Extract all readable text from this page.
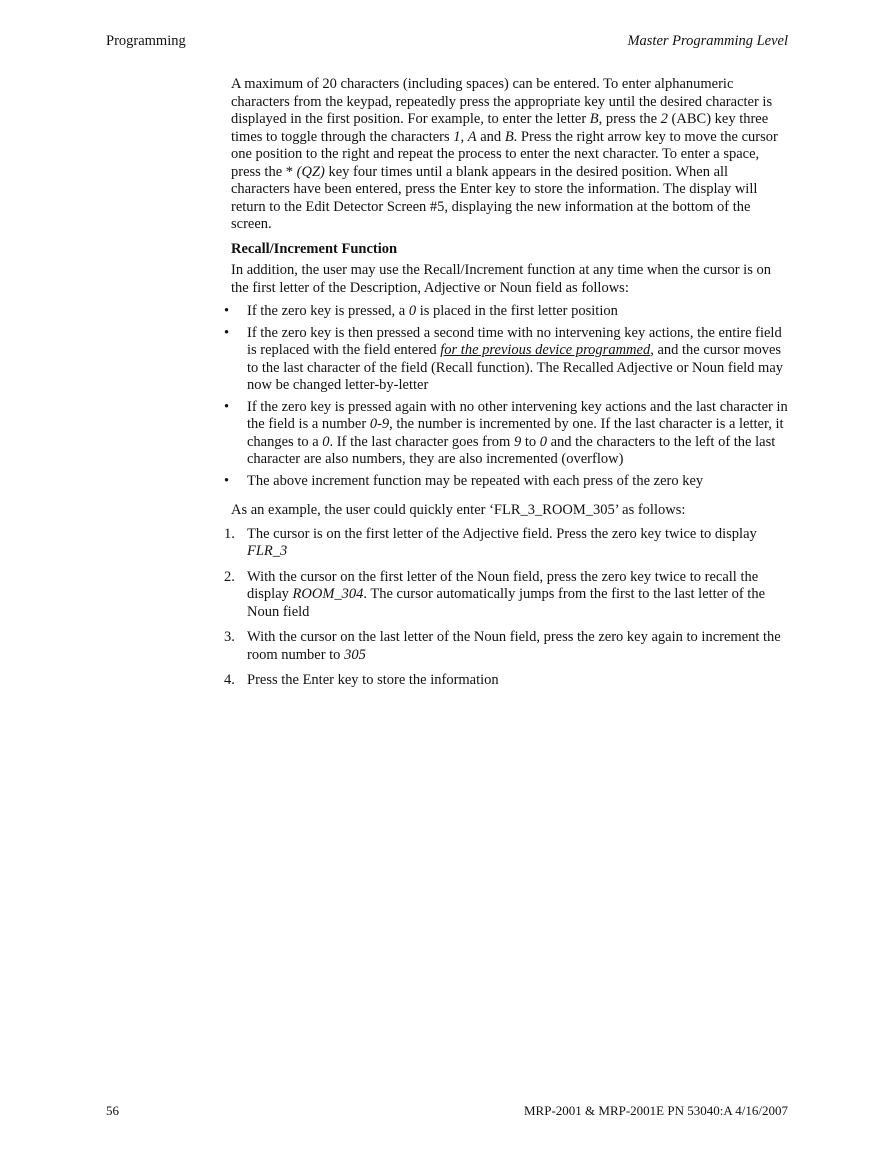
Programming	Master Programming Level

A maximum of 20 characters (including spaces) can be entered. To enter alphanumeric characters from the keypad, repeatedly press the appropriate key until the desired character is displayed in the first position. For example, to enter the letter B, press the 2 (ABC) key three times to toggle through the characters 1, A and B. Press the right arrow key to move the cursor one position to the right and repeat the process to enter the next character. To enter a space, press the * (QZ) key four times until a blank appears in the desired position. When all characters have been entered, press the Enter key to store the information. The display will return to the Edit Detector Screen #5, displaying the new information at the bottom of the screen.

Recall/Increment Function

In addition, the user may use the Recall/Increment function at any time when the cursor is on the first letter of the Description, Adjective or Noun field as follows:

• If the zero key is pressed, a 0 is placed in the first letter position
• If the zero key is then pressed a second time with no intervening key actions, the entire field is replaced with the field entered for the previous device programmed, and the cursor moves to the last character of the field (Recall function). The Recalled Adjective or Noun field may now be changed letter-by-letter
• If the zero key is pressed again with no other intervening key actions and the last character in the field is a number 0-9, the number is incremented by one. If the last character is a letter, it changes to a 0. If the last character goes from 9 to 0 and the characters to the left of the last character are also numbers, they are also incremented (overflow)
• The above increment function may be repeated with each press of the zero key

As an example, the user could quickly enter ‘FLR_3_ROOM_305’ as follows:

1. The cursor is on the first letter of the Adjective field. Press the zero key twice to display FLR_3
2. With the cursor on the first letter of the Noun field, press the zero key twice to recall the display ROOM_304. The cursor automatically jumps from the first to the last letter of the Noun field
3. With the cursor on the last letter of the Noun field, press the zero key again to increment the room number to 305
4. Press the Enter key to store the information
56	MRP-2001 & MRP-2001E PN 53040:A 4/16/2007
